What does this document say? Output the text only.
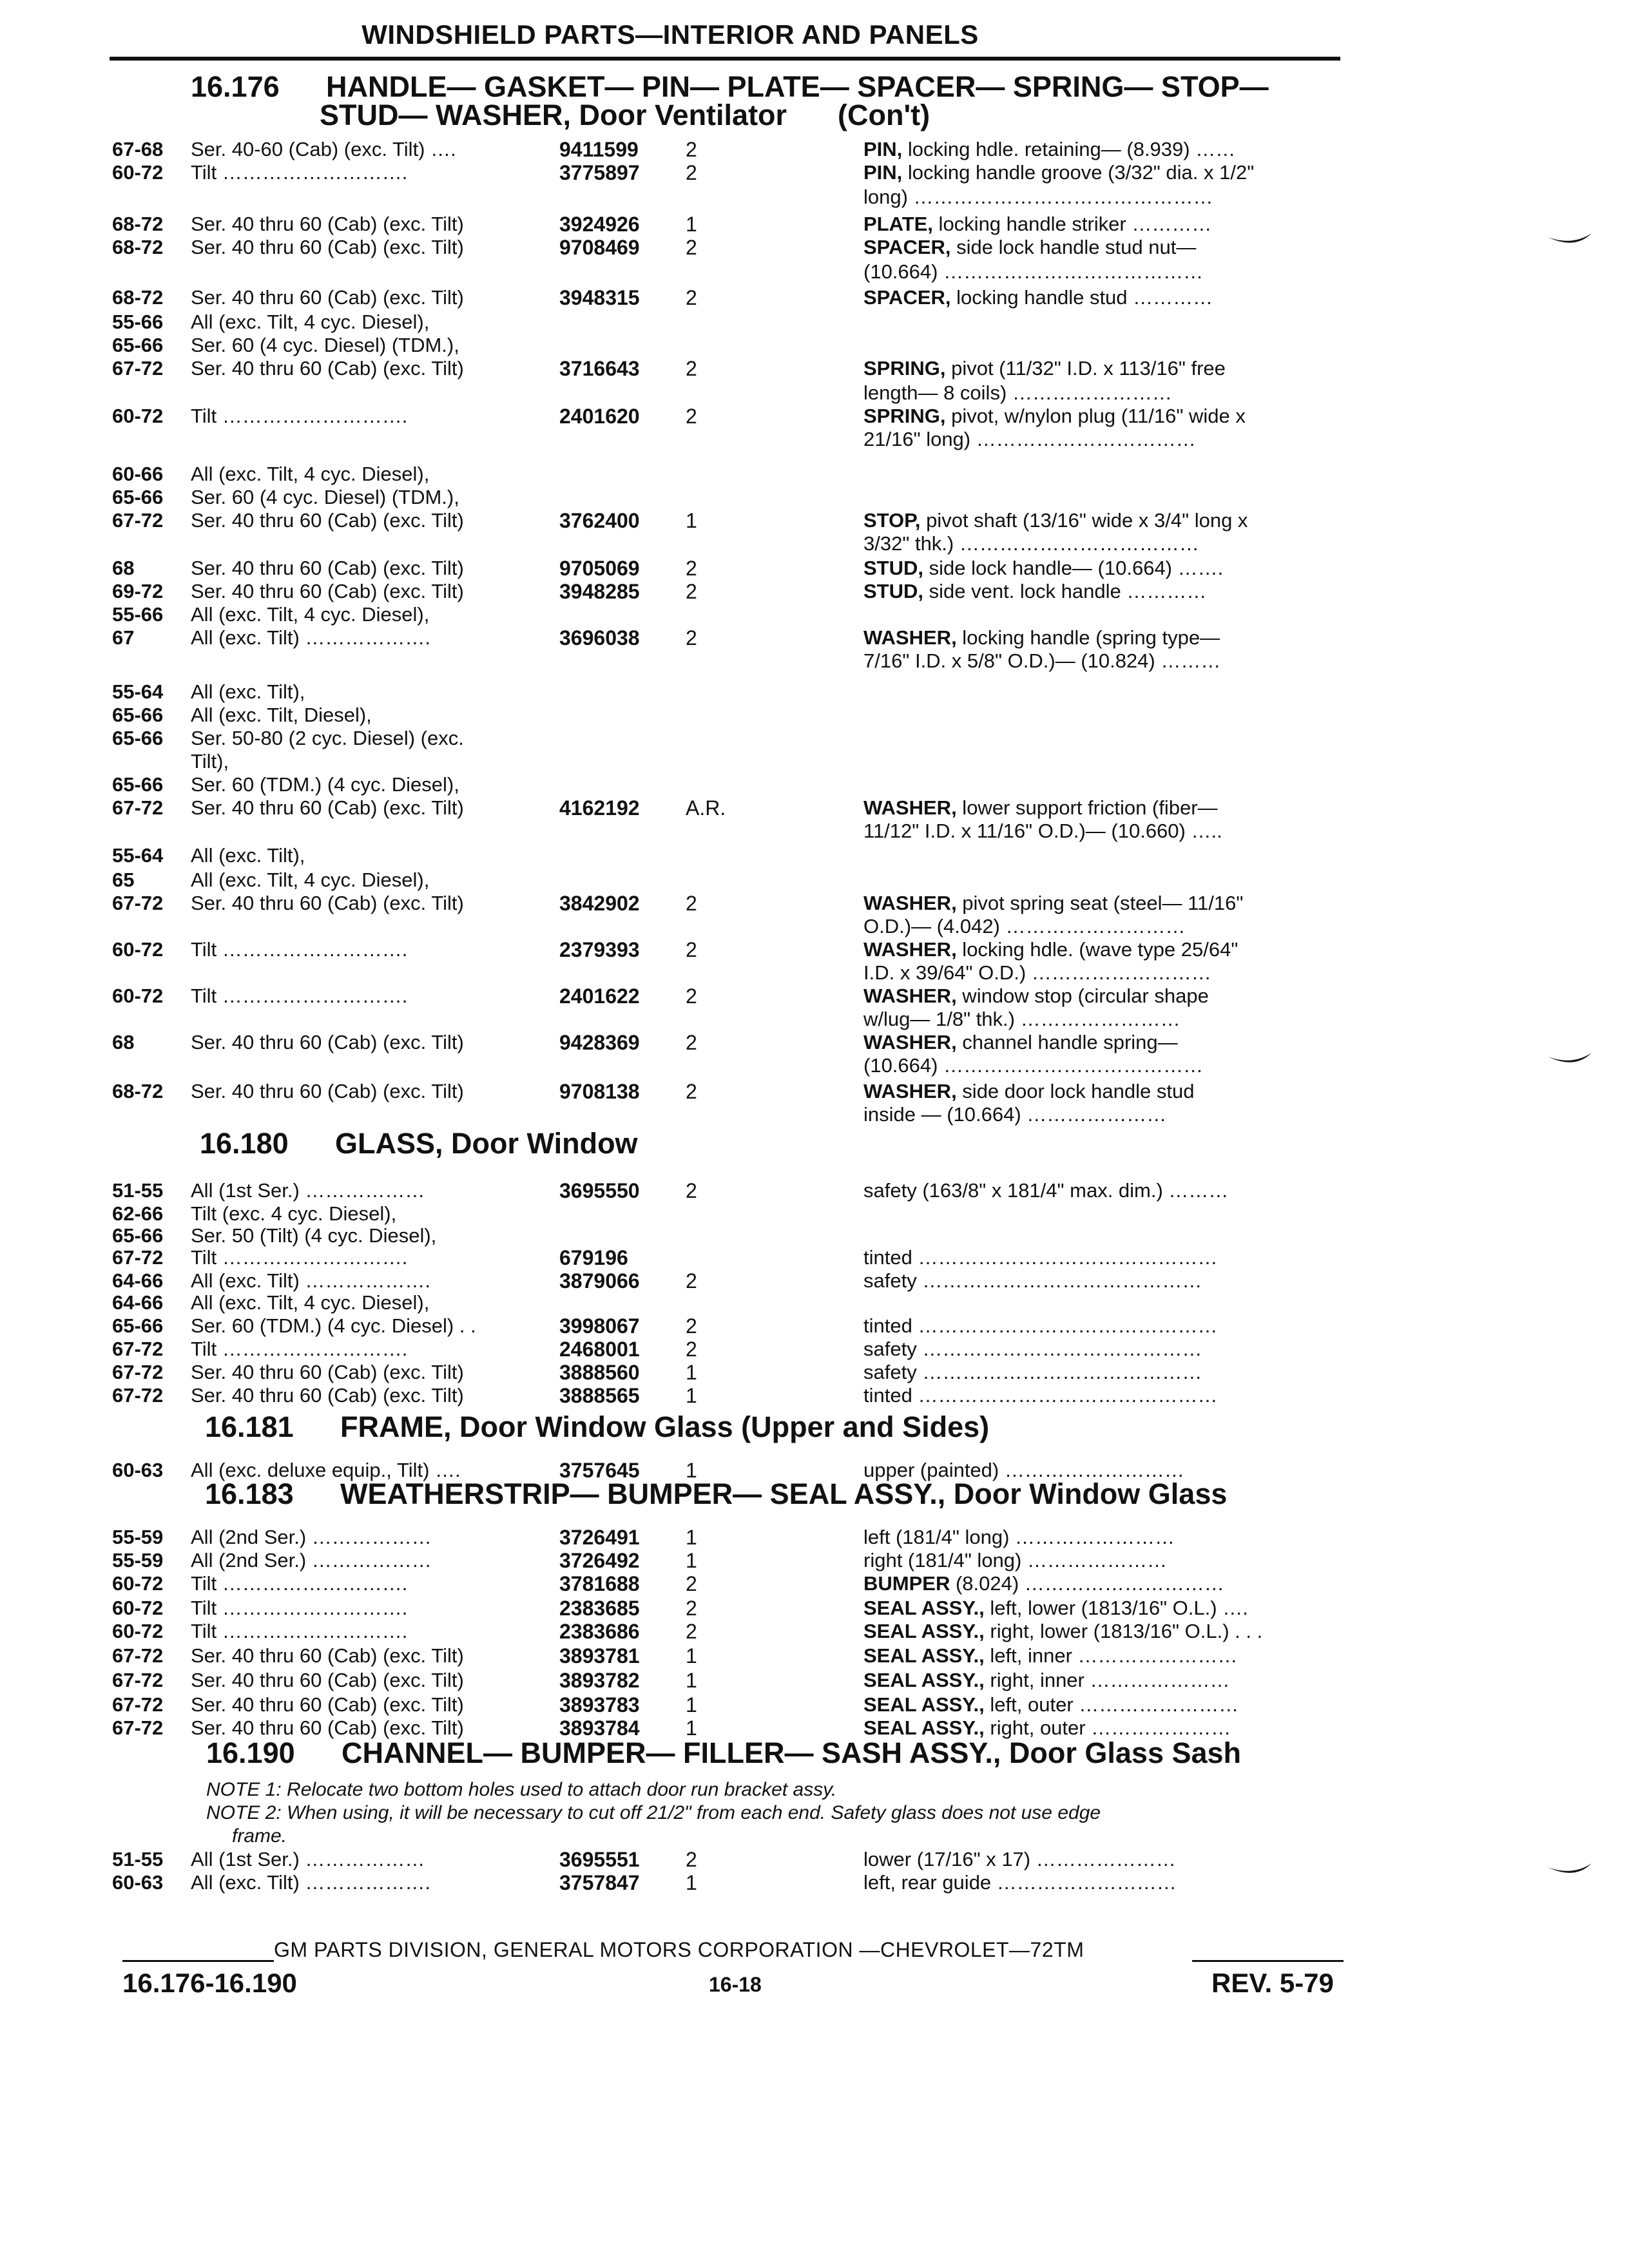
WINDSHIELD PARTS—INTERIOR AND PANELS
16.176 HANDLE— GASKET— PIN— PLATE— SPACER— SPRING— STOP—
STUD— WASHER, Door Ventilator (Con't)
67-68	Ser. 40-60 (Cab) (exc. Tilt) ….	9411599	2	PIN, locking hdle. retaining— (8.939) ……
60-72	Tilt ……………………….	3775897	2	PIN, locking handle groove (3/32" dia. x 1/2"
long) ………………………………………
68-72	Ser. 40 thru 60 (Cab) (exc. Tilt)	3924926	1	PLATE, locking handle striker …………
68-72	Ser. 40 thru 60 (Cab) (exc. Tilt)	9708469	2	SPACER, side lock handle stud nut—
(10.664) …………………………………
68-72	Ser. 40 thru 60 (Cab) (exc. Tilt)	3948315	2	SPACER, locking handle stud …………
55-66	All (exc. Tilt, 4 cyc. Diesel),
65-66	Ser. 60 (4 cyc. Diesel) (TDM.),
67-72	Ser. 40 thru 60 (Cab) (exc. Tilt)	3716643	2	SPRING, pivot (11/32" I.D. x 113/16" free
length— 8 coils) ……………………
60-72	Tilt ……………………….	2401620	2	SPRING, pivot, w/nylon plug (11/16" wide x
21/16" long) ……………………………
60-66	All (exc. Tilt, 4 cyc. Diesel),
65-66	Ser. 60 (4 cyc. Diesel) (TDM.),
67-72	Ser. 40 thru 60 (Cab) (exc. Tilt)	3762400	1	STOP, pivot shaft (13/16" wide x 3/4" long x
3/32" thk.) ………………………………
68	Ser. 40 thru 60 (Cab) (exc. Tilt)	9705069	2	STUD, side lock handle— (10.664) …….
69-72	Ser. 40 thru 60 (Cab) (exc. Tilt)	3948285	2	STUD, side vent. lock handle …………
55-66	All (exc. Tilt, 4 cyc. Diesel),
67	All (exc. Tilt) ……………….	3696038	2	WASHER, locking handle (spring type—
7/16" I.D. x 5/8" O.D.)— (10.824) ………
55-64	All (exc. Tilt),
65-66	All (exc. Tilt, Diesel),
65-66	Ser. 50-80 (2 cyc. Diesel) (exc.
Tilt),
65-66	Ser. 60 (TDM.) (4 cyc. Diesel),
67-72	Ser. 40 thru 60 (Cab) (exc. Tilt)	4162192	A.R.	WASHER, lower support friction (fiber—
11/12" I.D. x 11/16" O.D.)— (10.660) …..
55-64	All (exc. Tilt),
65	All (exc. Tilt, 4 cyc. Diesel),
67-72	Ser. 40 thru 60 (Cab) (exc. Tilt)	3842902	2	WASHER, pivot spring seat (steel— 11/16"
O.D.)— (4.042) ………………………
60-72	Tilt ……………………….	2379393	2	WASHER, locking hdle. (wave type 25/64"
I.D. x 39/64" O.D.) ………………………
60-72	Tilt ……………………….	2401622	2	WASHER, window stop (circular shape
w/lug— 1/8" thk.) ……………………
68	Ser. 40 thru 60 (Cab) (exc. Tilt)	9428369	2	WASHER, channel handle spring—
(10.664) …………………………………
68-72	Ser. 40 thru 60 (Cab) (exc. Tilt)	9708138	2	WASHER, side door lock handle stud
inside — (10.664) …………………
16.180 GLASS, Door Window
51-55	All (1st Ser.) ………………	3695550	2	safety (163/8" x 181/4" max. dim.) ………
62-66	Tilt (exc. 4 cyc. Diesel),
65-66	Ser. 50 (Tilt) (4 cyc. Diesel),
67-72	Tilt ……………………….	679196	tinted ………………………………………
64-66	All (exc. Tilt) ……………….	3879066	2	safety ……………………………………
64-66	All (exc. Tilt, 4 cyc. Diesel),
65-66	Ser. 60 (TDM.) (4 cyc. Diesel) . .	3998067	2	tinted ………………………………………
67-72	Tilt ……………………….	2468001	2	safety ……………………………………
67-72	Ser. 40 thru 60 (Cab) (exc. Tilt)	3888560	1	safety ……………………………………
67-72	Ser. 40 thru 60 (Cab) (exc. Tilt)	3888565	1	tinted ………………………………………
16.181 FRAME, Door Window Glass (Upper and Sides)
60-63	All (exc. deluxe equip., Tilt) ….	3757645	1	upper (painted) ………………………
16.183 WEATHERSTRIP— BUMPER— SEAL ASSY., Door Window Glass
55-59	All (2nd Ser.) ………………	3726491	1	left (181/4" long) ……………………
55-59	All (2nd Ser.) ………………	3726492	1	right (181/4" long) …………………
60-72	Tilt ……………………….	3781688	2	BUMPER (8.024) …………………………
60-72	Tilt ……………………….	2383685	2	SEAL ASSY., left, lower (1813/16" O.L.) ….
60-72	Tilt ……………………….	2383686	2	SEAL ASSY., right, lower (1813/16" O.L.) . . .
67-72	Ser. 40 thru 60 (Cab) (exc. Tilt)	3893781	1	SEAL ASSY., left, inner ……………………
67-72	Ser. 40 thru 60 (Cab) (exc. Tilt)	3893782	1	SEAL ASSY., right, inner …………………
67-72	Ser. 40 thru 60 (Cab) (exc. Tilt)	3893783	1	SEAL ASSY., left, outer ……………………
67-72	Ser. 40 thru 60 (Cab) (exc. Tilt)	3893784	1	SEAL ASSY., right, outer …………………
16.190 CHANNEL— BUMPER— FILLER— SASH ASSY., Door Glass Sash
NOTE 1: Relocate two bottom holes used to attach door run bracket assy.
NOTE 2: When using, it will be necessary to cut off 21/2" from each end. Safety glass does not use edge
frame.
51-55	All (1st Ser.) ………………	3695551	2	lower (17/16" x 17) …………………
60-63	All (exc. Tilt) ……………….	3757847	1	left, rear guide ………………………
GM PARTS DIVISION, GENERAL MOTORS CORPORATION —CHEVROLET—72TM
16.176-16.190	16-18	REV. 5-79
